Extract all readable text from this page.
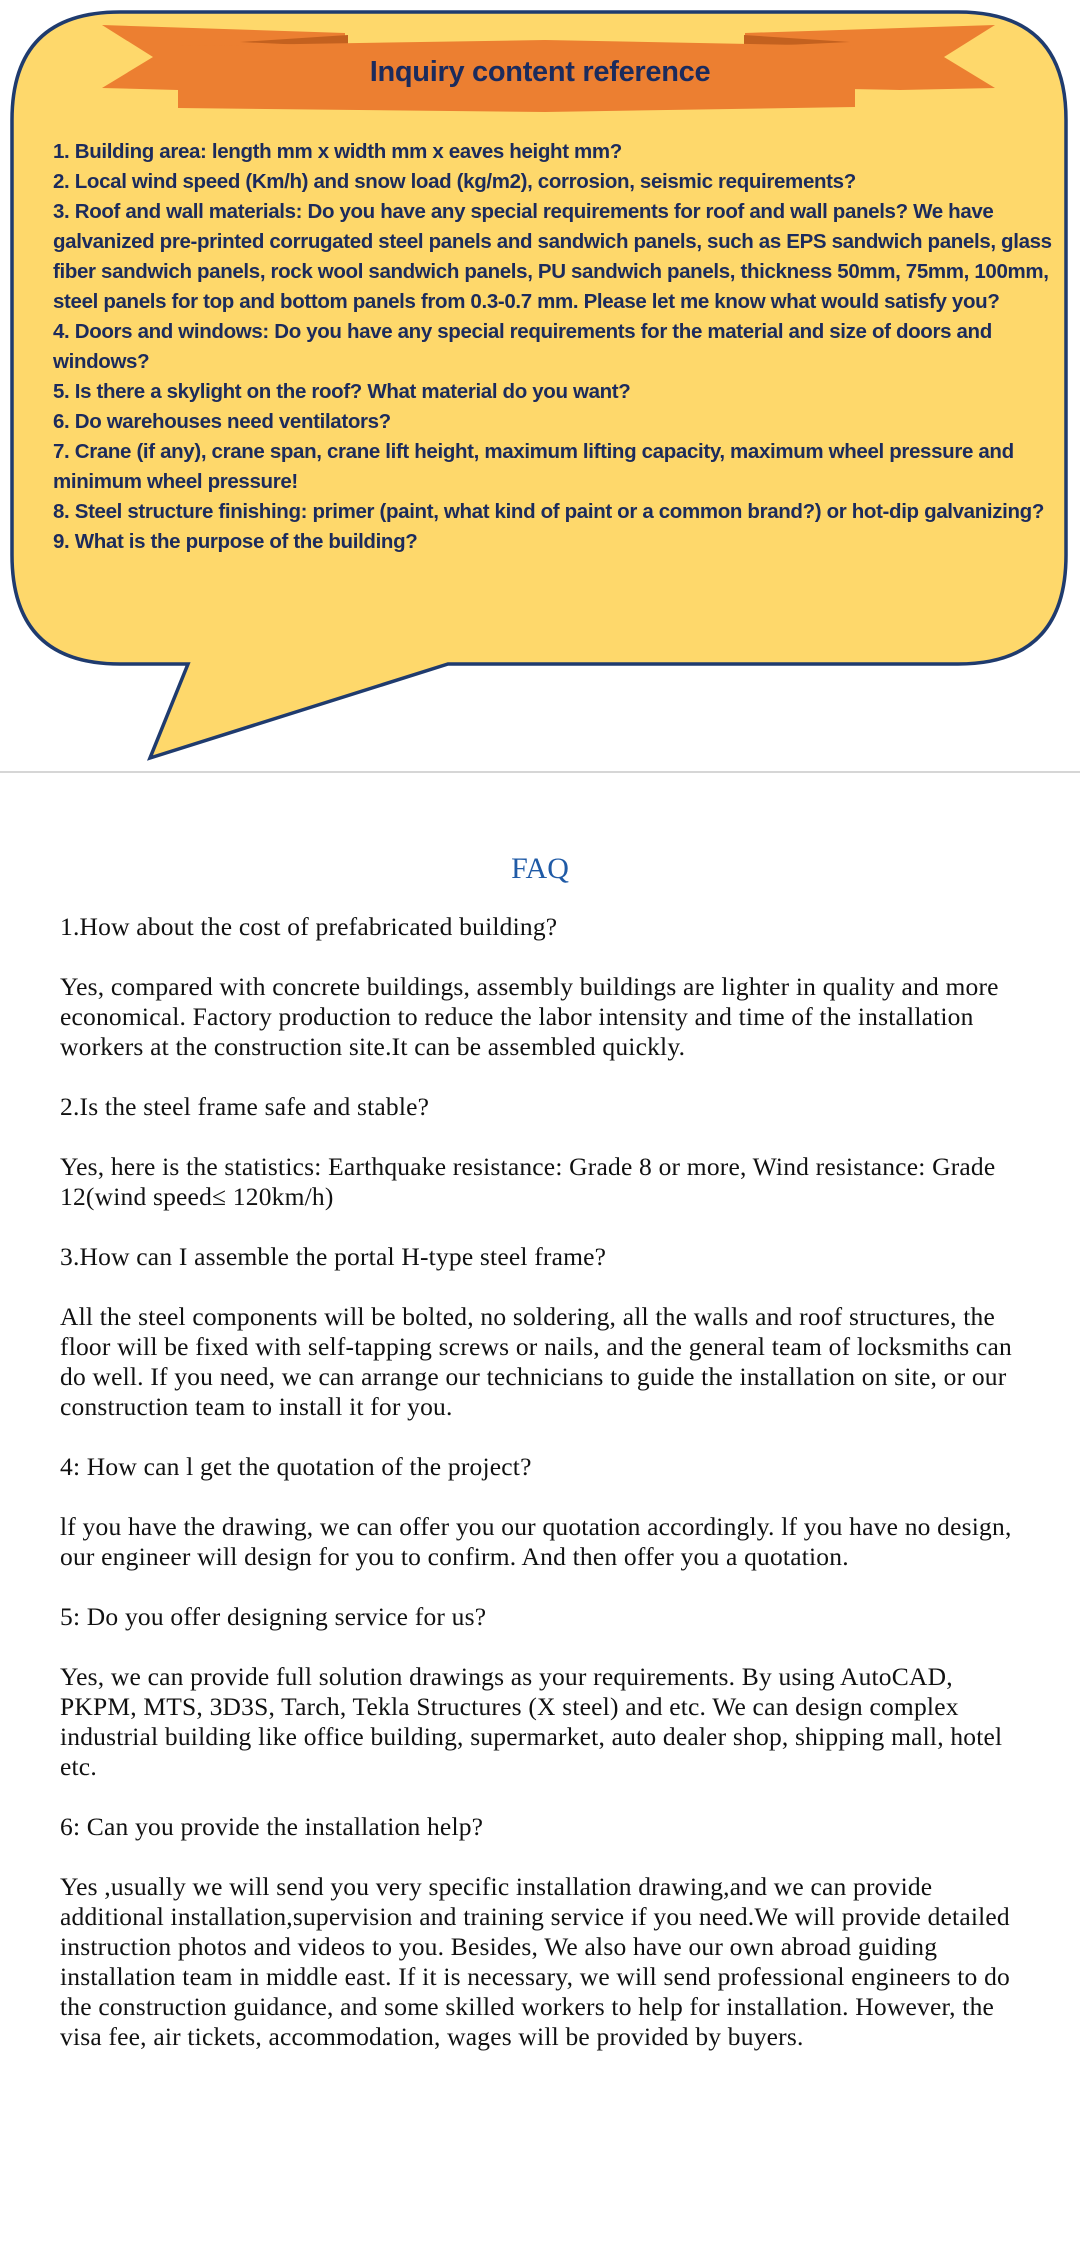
Inquiry content reference
1. Building area: length mm x width mm x eaves height mm?
2. Local wind speed (Km/h) and snow load (kg/m2), corrosion, seismic requirements?
3. Roof and wall materials: Do you have any special requirements for roof and wall panels? We have galvanized pre-printed corrugated steel panels and sandwich panels, such as EPS sandwich panels, glass fiber sandwich panels, rock wool sandwich panels, PU sandwich panels, thickness 50mm, 75mm, 100mm, steel panels for top and bottom panels from 0.3-0.7 mm. Please let me know what would satisfy you?
4. Doors and windows: Do you have any special requirements for the material and size of doors and windows?
5. Is there a skylight on the roof? What material do you want?
6. Do warehouses need ventilators?
7. Crane (if any), crane span, crane lift height, maximum lifting capacity, maximum wheel pressure and minimum wheel pressure!
8. Steel structure finishing: primer (paint, what kind of paint or a common brand?) or hot-dip galvanizing?
9. What is the purpose of the building?
FAQ

1.How about the cost of prefabricated building?

Yes, compared with concrete buildings, assembly buildings are lighter in quality and more economical. Factory production to reduce the labor intensity and time of the installation workers at the construction site.It can be assembled quickly.

2.Is the steel frame safe and stable?

Yes, here is the statistics: Earthquake resistance: Grade 8 or more, Wind resistance: Grade 12(wind speed≤ 120km/h)

3.How can I assemble the portal H-type steel frame?

All the steel components will be bolted, no soldering, all the walls and roof structures, the floor will be fixed with self-tapping screws or nails, and the general team of locksmiths can do well. If you need, we can arrange our technicians to guide the installation on site, or our construction team to install it for you.

4: How can l get the quotation of the project?

lf you have the drawing, we can offer you our quotation accordingly. lf you have no design, our engineer will design for you to confirm. And then offer you a quotation.

5: Do you offer designing service for us?

Yes, we can provide full solution drawings as your requirements. By using AutoCAD, PKPM, MTS, 3D3S, Tarch, Tekla Structures (X steel) and etc. We can design complex industrial building like office building, supermarket, auto dealer shop, shipping mall, hotel etc.

6: Can you provide the installation help?

Yes ,usually we will send you very specific installation drawing,and we can provide additional installation,supervision and training service if you need.We will provide detailed instruction photos and videos to you. Besides, We also have our own abroad guiding installation team in middle east. If it is necessary, we will send professional engineers to do the construction guidance, and some skilled workers to help for installation. However, the visa fee, air tickets, accommodation, wages will be provided by buyers.
